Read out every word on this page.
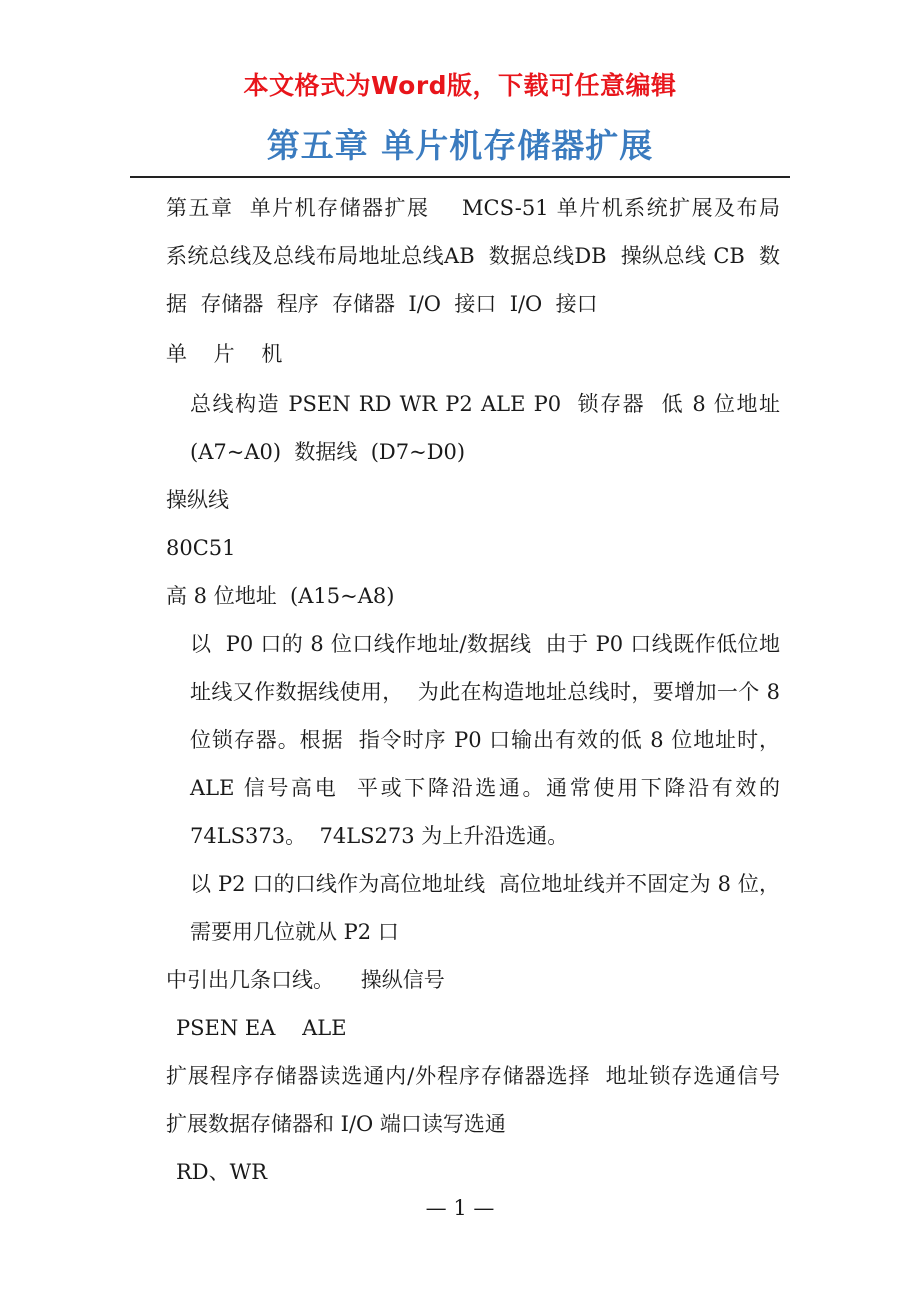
本文格式为Word版，下载可任意编辑
第五章 单片机存储器扩展

第五章  单片机存储器扩展    MCS-51 单片机系统扩展及布局    系统总线及总线布局地址总线AB  数据总线DB  操纵总线 CB  数据  存储器  程序  存储器  I/O  接口  I/O  接口

单 片 机

总线构造 PSEN RD WR P2 ALE P0  锁存器  低 8 位地址(A7~A0)  数据线  (D7~D0)

操纵线

80C51

高 8 位地址  (A15~A8)

以  P0 口的 8 位口线作地址/数据线  由于 P0 口线既作低位地址线又作数据线使用，  为此在构造地址总线时，要增加一个 8 位锁存器。根据  指令时序 P0 口输出有效的低 8 位地址时，ALE 信号高电  平或下降沿选通。通常使用下降沿有效的 74LS373。  74LS273 为上升沿选通。

以 P2 口的口线作为高位地址线  高位地址线并不固定为 8 位，需要用几位就从 P2 口

中引出几条口线。    操纵信号

PSEN EA    ALE

扩展程序存储器读选通内/外程序存储器选择  地址锁存选通信号  扩展数据存储器和 I/O 端口读写选通

RD、WR

— 1 —
